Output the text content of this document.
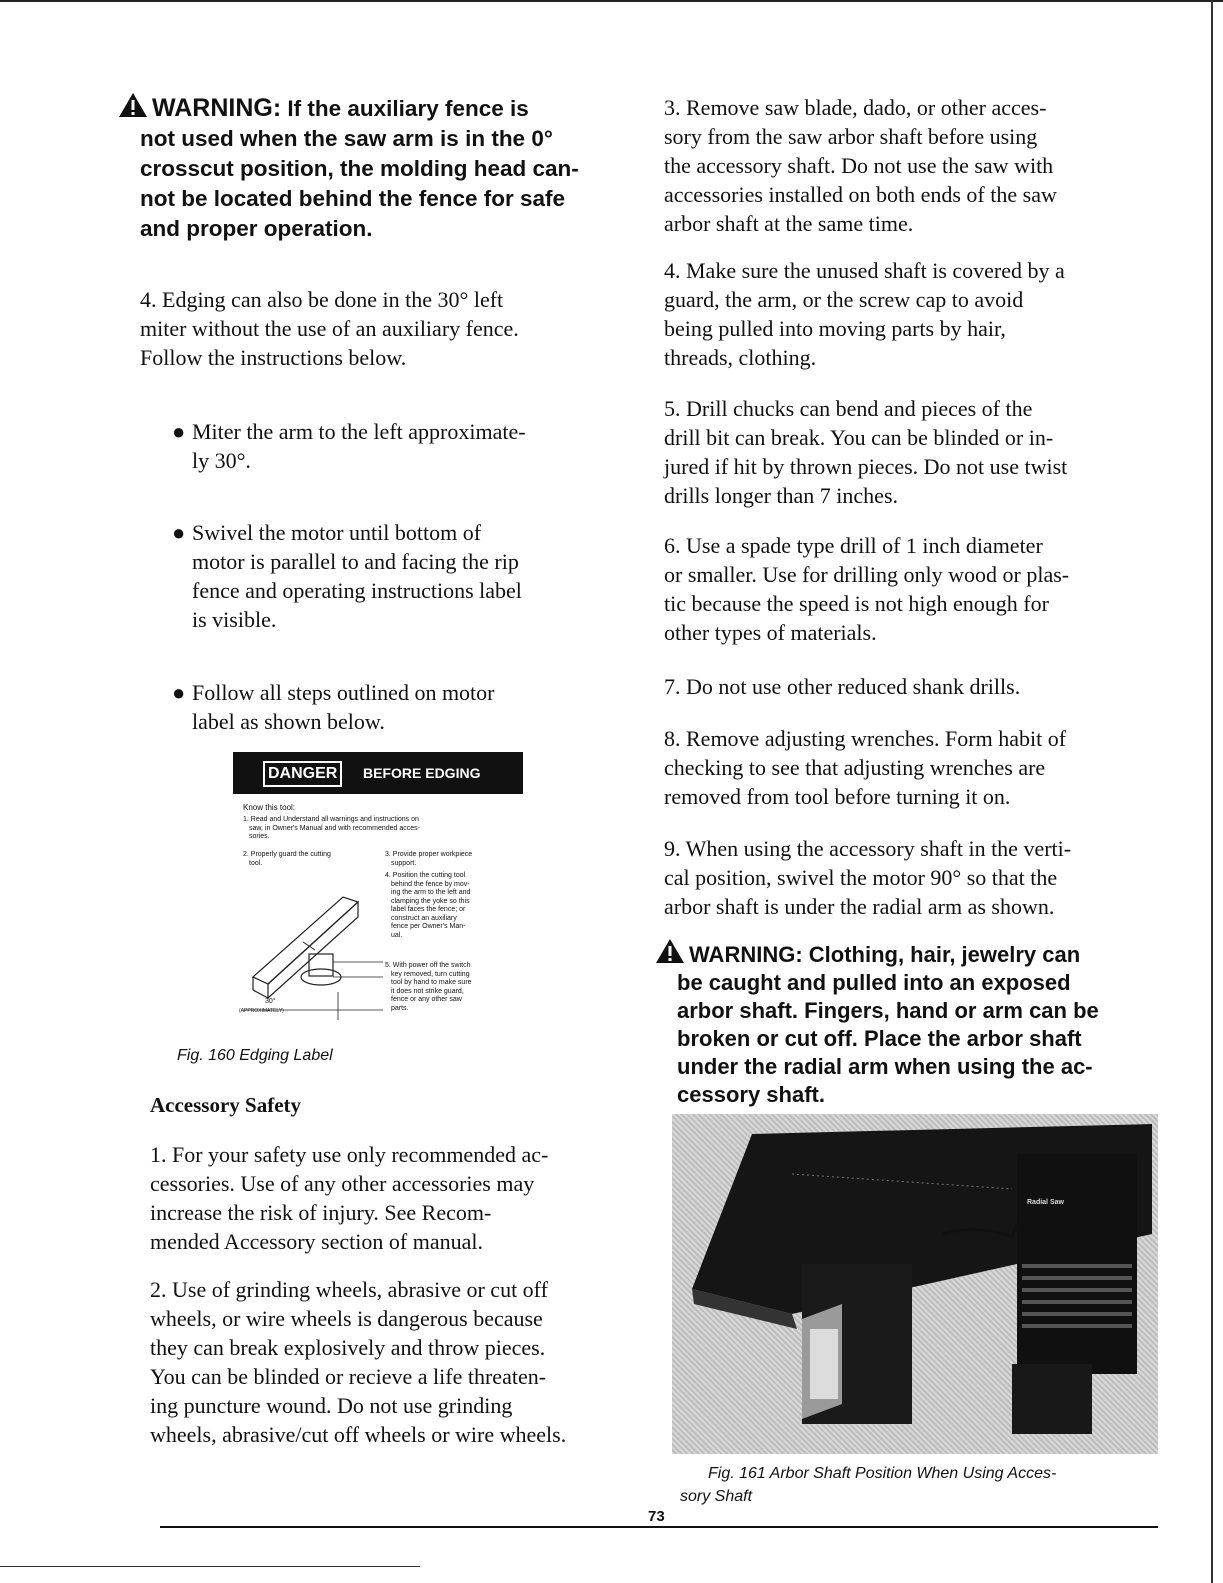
WARNING: If the auxiliary fence is
not used when the saw arm is in the 0°
crosscut position, the molding head can-
not be located behind the fence for safe
and proper operation.
4. Edging can also be done in the 30° left
miter without the use of an auxiliary fence.
Follow the instructions below.
● Miter the arm to the left approximate-
ly 30°.
● Swivel the motor until bottom of
motor is parallel to and facing the rip
fence and operating instructions label
is visible.
● Follow all steps outlined on motor
label as shown below.
DANGER	BEFORE EDGING
Know this tool:
1. Read and Understand all warnings and instructions on
saw, in Owner's Manual and with recommended acces-
sories.
2. Properly guard the cutting
tool.
3. Provide proper workpiece
support.
4. Position the cutting tool
behind the fence by mov-
ing the arm to the left and
clamping the yoke so this
label faces the fence; or
construct an auxiliary
fence per Owner's Man-
ual.
5. With power off the switch
key removed, turn cutting
tool by hand to make sure
it does not strike guard,
fence or any other saw
parts.
30°
(APPROXIMATELY)
Fig. 160 Edging Label
Accessory Safety
1. For your safety use only recommended ac-
cessories. Use of any other accessories may
increase the risk of injury. See Recom-
mended Accessory section of manual.
2. Use of grinding wheels, abrasive or cut off
wheels, or wire wheels is dangerous because
they can break explosively and throw pieces.
You can be blinded or recieve a life threaten-
ing puncture wound. Do not use grinding
wheels, abrasive/cut off wheels or wire wheels.
3. Remove saw blade, dado, or other acces-
sory from the saw arbor shaft before using
the accessory shaft. Do not use the saw with
accessories installed on both ends of the saw
arbor shaft at the same time.
4. Make sure the unused shaft is covered by a
guard, the arm, or the screw cap to avoid
being pulled into moving parts by hair,
threads, clothing.
5. Drill chucks can bend and pieces of the
drill bit can break. You can be blinded or in-
jured if hit by thrown pieces. Do not use twist
drills longer than 7 inches.
6. Use a spade type drill of 1 inch diameter
or smaller. Use for drilling only wood or plas-
tic because the speed is not high enough for
other types of materials.
7. Do not use other reduced shank drills.
8. Remove adjusting wrenches. Form habit of
checking to see that adjusting wrenches are
removed from tool before turning it on.
9. When using the accessory shaft in the verti-
cal position, swivel the motor 90° so that the
arbor shaft is under the radial arm as shown.
WARNING: Clothing, hair, jewelry can
be caught and pulled into an exposed
arbor shaft. Fingers, hand or arm can be
broken or cut off. Place the arbor shaft
under the radial arm when using the ac-
cessory shaft.
Radial Saw
Fig. 161 Arbor Shaft Position When Using Acces-
sory Shaft
73
